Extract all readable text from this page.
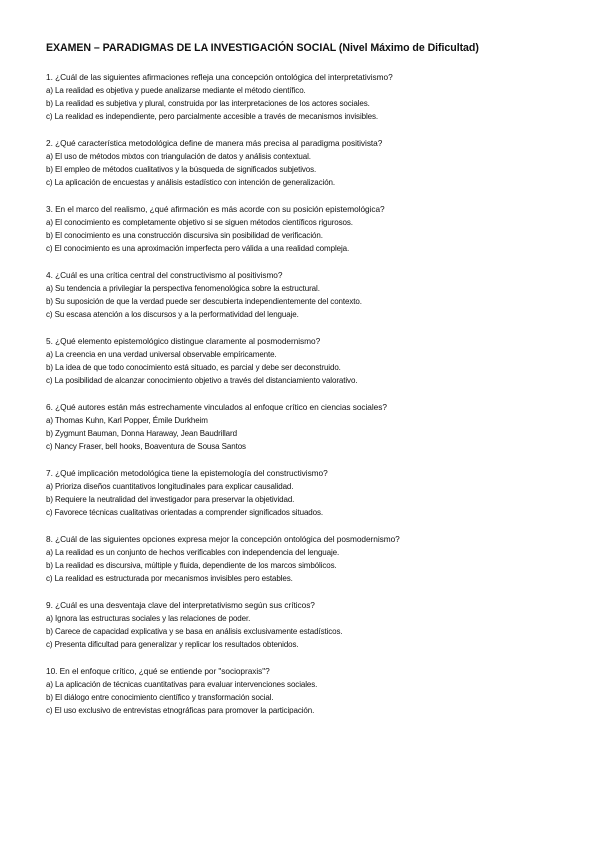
EXAMEN – PARADIGMAS DE LA INVESTIGACIÓN SOCIAL (Nivel Máximo de Dificultad)

1. ¿Cuál de las siguientes afirmaciones refleja una concepción ontológica del interpretativismo?

a) La realidad es objetiva y puede analizarse mediante el método científico.
b) La realidad es subjetiva y plural, construida por las interpretaciones de los actores sociales.
c) La realidad es independiente, pero parcialmente accesible a través de mecanismos invisibles.

2. ¿Qué característica metodológica define de manera más precisa al paradigma positivista?

a) El uso de métodos mixtos con triangulación de datos y análisis contextual.
b) El empleo de métodos cualitativos y la búsqueda de significados subjetivos.
c) La aplicación de encuestas y análisis estadístico con intención de generalización.

3. En el marco del realismo, ¿qué afirmación es más acorde con su posición epistemológica?

a) El conocimiento es completamente objetivo si se siguen métodos científicos rigurosos.
b) El conocimiento es una construcción discursiva sin posibilidad de verificación.
c) El conocimiento es una aproximación imperfecta pero válida a una realidad compleja.

4. ¿Cuál es una crítica central del constructivismo al positivismo?

a) Su tendencia a privilegiar la perspectiva fenomenológica sobre la estructural.
b) Su suposición de que la verdad puede ser descubierta independientemente del contexto.
c) Su escasa atención a los discursos y a la performatividad del lenguaje.

5. ¿Qué elemento epistemológico distingue claramente al posmodernismo?

a) La creencia en una verdad universal observable empíricamente.
b) La idea de que todo conocimiento está situado, es parcial y debe ser deconstruido.
c) La posibilidad de alcanzar conocimiento objetivo a través del distanciamiento valorativo.

6. ¿Qué autores están más estrechamente vinculados al enfoque crítico en ciencias sociales?

a) Thomas Kuhn, Karl Popper, Émile Durkheim
b) Zygmunt Bauman, Donna Haraway, Jean Baudrillard
c) Nancy Fraser, bell hooks, Boaventura de Sousa Santos

7. ¿Qué implicación metodológica tiene la epistemología del constructivismo?

a) Prioriza diseños cuantitativos longitudinales para explicar causalidad.
b) Requiere la neutralidad del investigador para preservar la objetividad.
c) Favorece técnicas cualitativas orientadas a comprender significados situados.

8. ¿Cuál de las siguientes opciones expresa mejor la concepción ontológica del posmodernismo?

a) La realidad es un conjunto de hechos verificables con independencia del lenguaje.
b) La realidad es discursiva, múltiple y fluida, dependiente de los marcos simbólicos.
c) La realidad es estructurada por mecanismos invisibles pero estables.

9. ¿Cuál es una desventaja clave del interpretativismo según sus críticos?

a) Ignora las estructuras sociales y las relaciones de poder.
b) Carece de capacidad explicativa y se basa en análisis exclusivamente estadísticos.
c) Presenta dificultad para generalizar y replicar los resultados obtenidos.

10. En el enfoque crítico, ¿qué se entiende por "sociopraxis"?

a) La aplicación de técnicas cuantitativas para evaluar intervenciones sociales.
b) El diálogo entre conocimiento científico y transformación social.
c) El uso exclusivo de entrevistas etnográficas para promover la participación.
